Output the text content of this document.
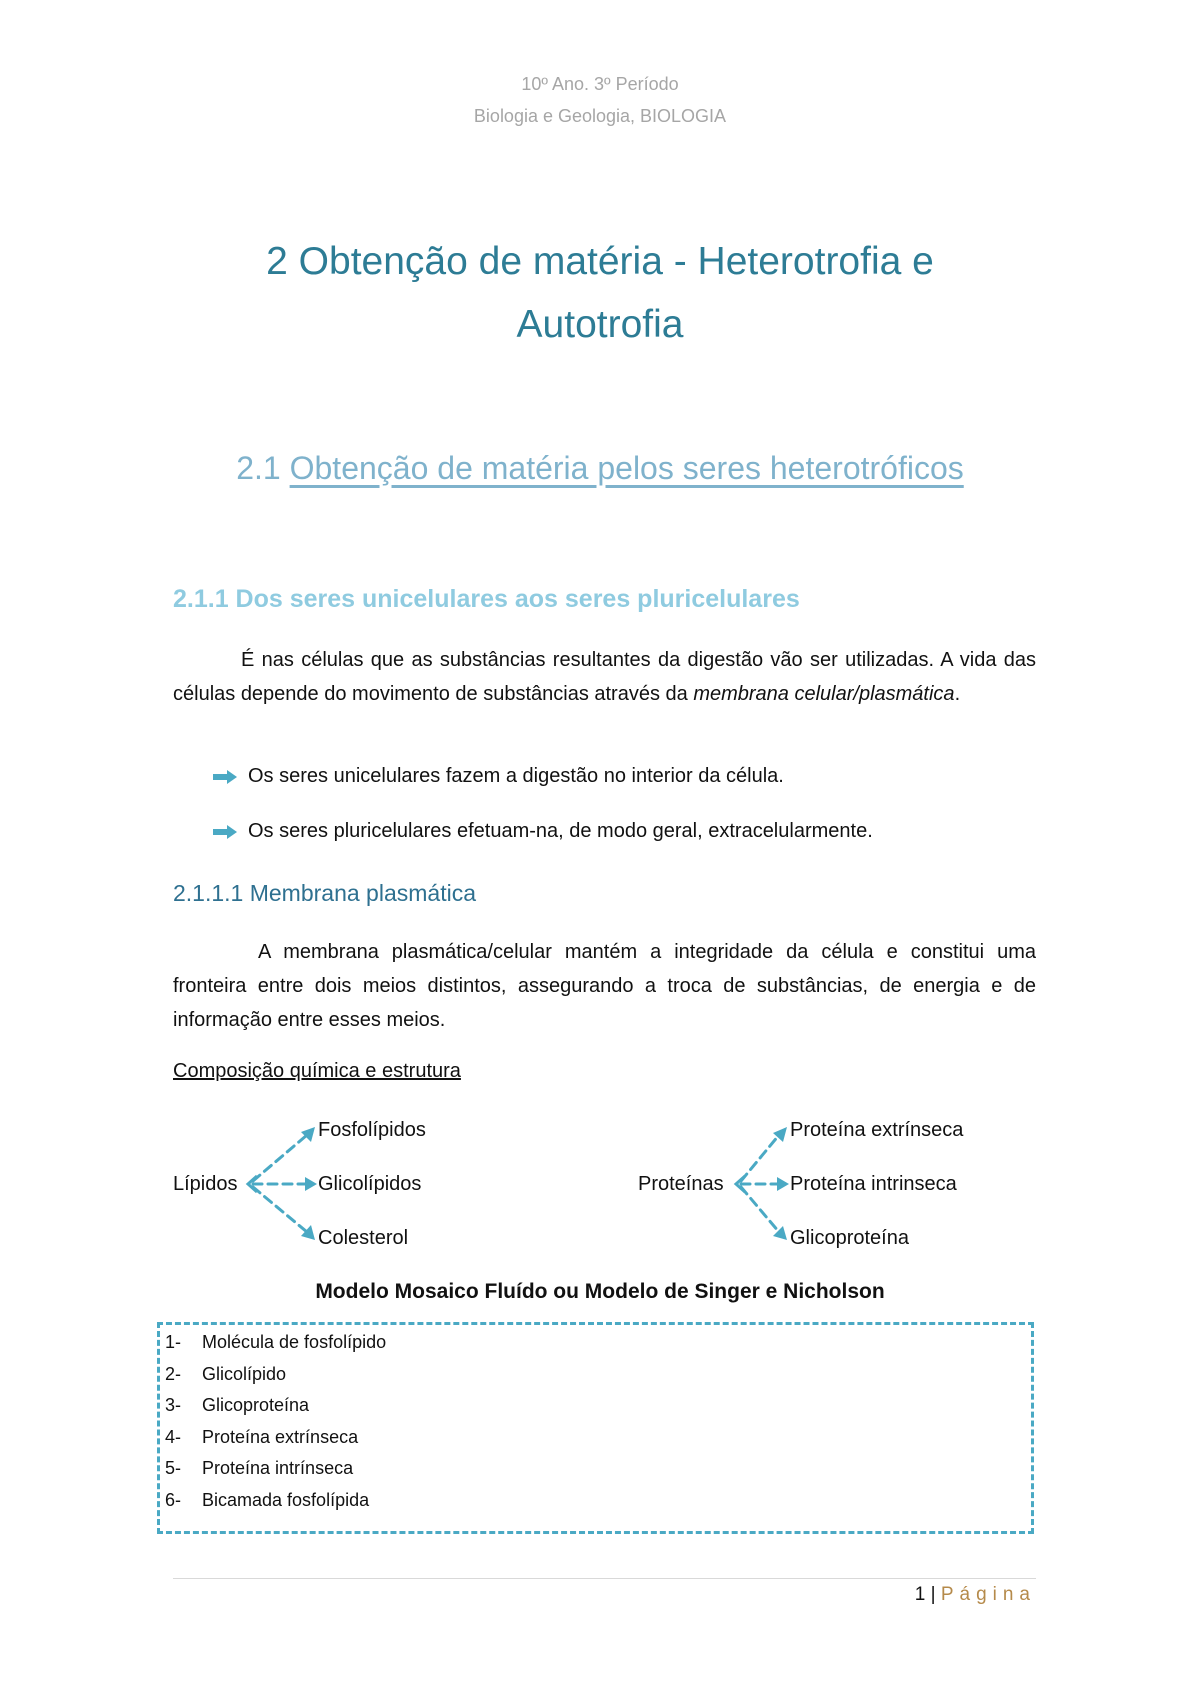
10º Ano. 3º Período
Biologia e Geologia, BIOLOGIA
2 Obtenção de matéria - Heterotrofia e
Autotrofia
2.1 Obtenção de matéria pelos seres heterotróficos
2.1.1 Dos seres unicelulares aos seres pluricelulares
É nas células que as substâncias resultantes da digestão vão ser utilizadas. A vida das células depende do movimento de substâncias através da membrana celular/plasmática.
Os seres unicelulares fazem a digestão no interior da célula.
Os seres pluricelulares efetuam-na, de modo geral, extracelularmente.
2.1.1.1 Membrana plasmática
A membrana plasmática/celular mantém a integridade da célula e constitui uma fronteira entre dois meios distintos, assegurando a troca de substâncias, de energia e de informação entre esses meios.
Composição química e estrutura
Lípidos
Fosfolípidos
Glicolípidos
Colesterol
Proteínas
Proteína extrínseca
Proteína intrinseca
Glicoproteína
Modelo Mosaico Fluído ou Modelo de Singer e Nicholson
1-	Molécula de fosfolípido
2-	Glicolípido
3-	Glicoproteína
4-	Proteína extrínseca
5-	Proteína intrínseca
6-	Bicamada fosfolípida
1 | Página
